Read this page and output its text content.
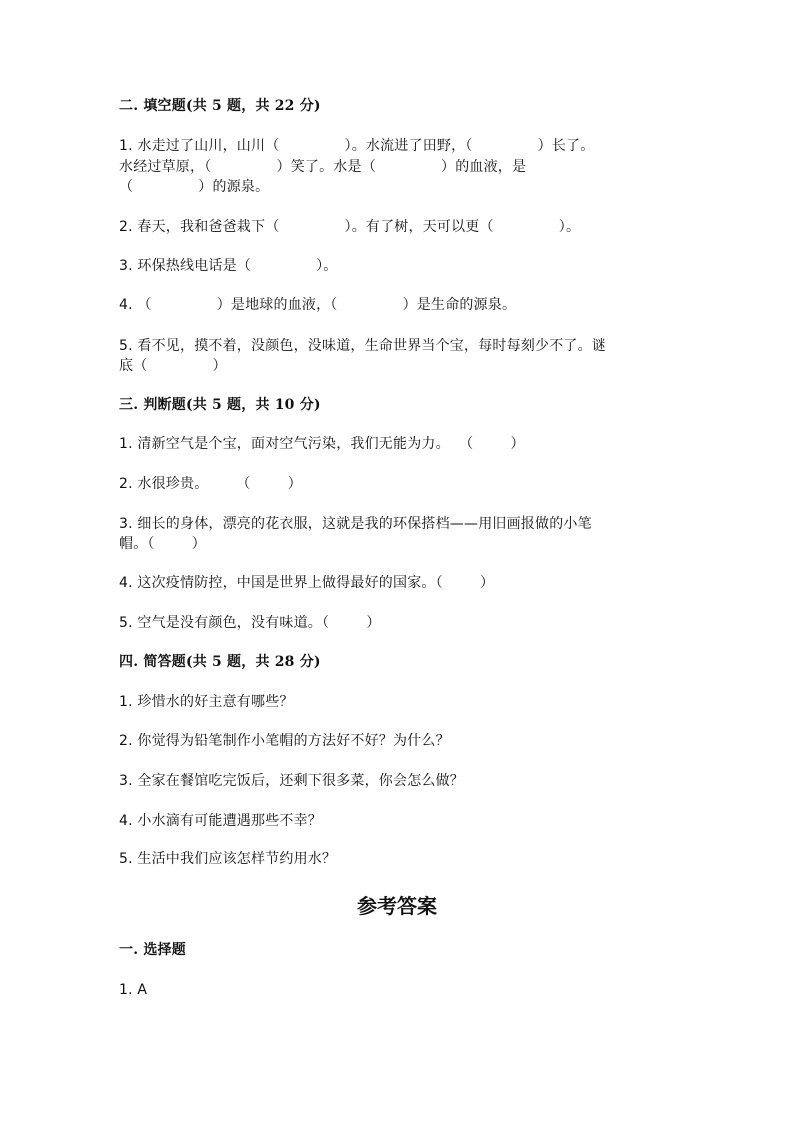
二. 填空题(共 5 题，共 22 分)

1. 水走过了山川，山川（              ）。水流进了田野，（              ）长了。

水经过草原，（              ）笑了。水是（              ）的血液，是

（              ）的源泉。

2. 春天，我和爸爸栽下（              ）。有了树，天可以更（              ）。

3. 环保热线电话是（              ）。

4. （              ）是地球的血液，（              ）是生命的源泉。

5. 看不见，摸不着，没颜色，没味道，生命世界当个宝，每时每刻少不了。谜

底（              ）

三. 判断题(共 5 题，共 10 分)

1. 清新空气是个宝，面对空气污染，我们无能为力。  （        ）

2. 水很珍贵。      （        ）

3. 细长的身体，漂亮的花衣服，这就是我的环保搭档——用旧画报做的小笔

帽。（        ）

4. 这次疫情防控，中国是世界上做得最好的国家。（        ）

5. 空气是没有颜色，没有味道。（        ）

四. 简答题(共 5 题，共 28 分)

1. 珍惜水的好主意有哪些？

2. 你觉得为铅笔制作小笔帽的方法好不好？为什么？

3. 全家在餐馆吃完饭后，还剩下很多菜，你会怎么做？

4. 小水滴有可能遭遇那些不幸？

5. 生活中我们应该怎样节约用水？

参考答案

一. 选择题

1. A
